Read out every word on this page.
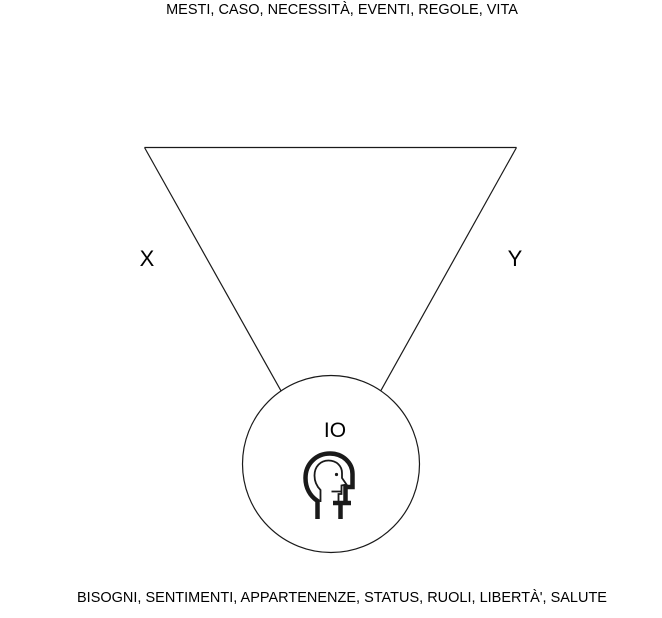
MESTI, CASO, NECESSITÀ, EVENTI, REGOLE, VITA
X	Y
IO
BISOGNI, SENTIMENTI, APPARTENENZE, STATUS, RUOLI, LIBERTÀ', SALUTE
